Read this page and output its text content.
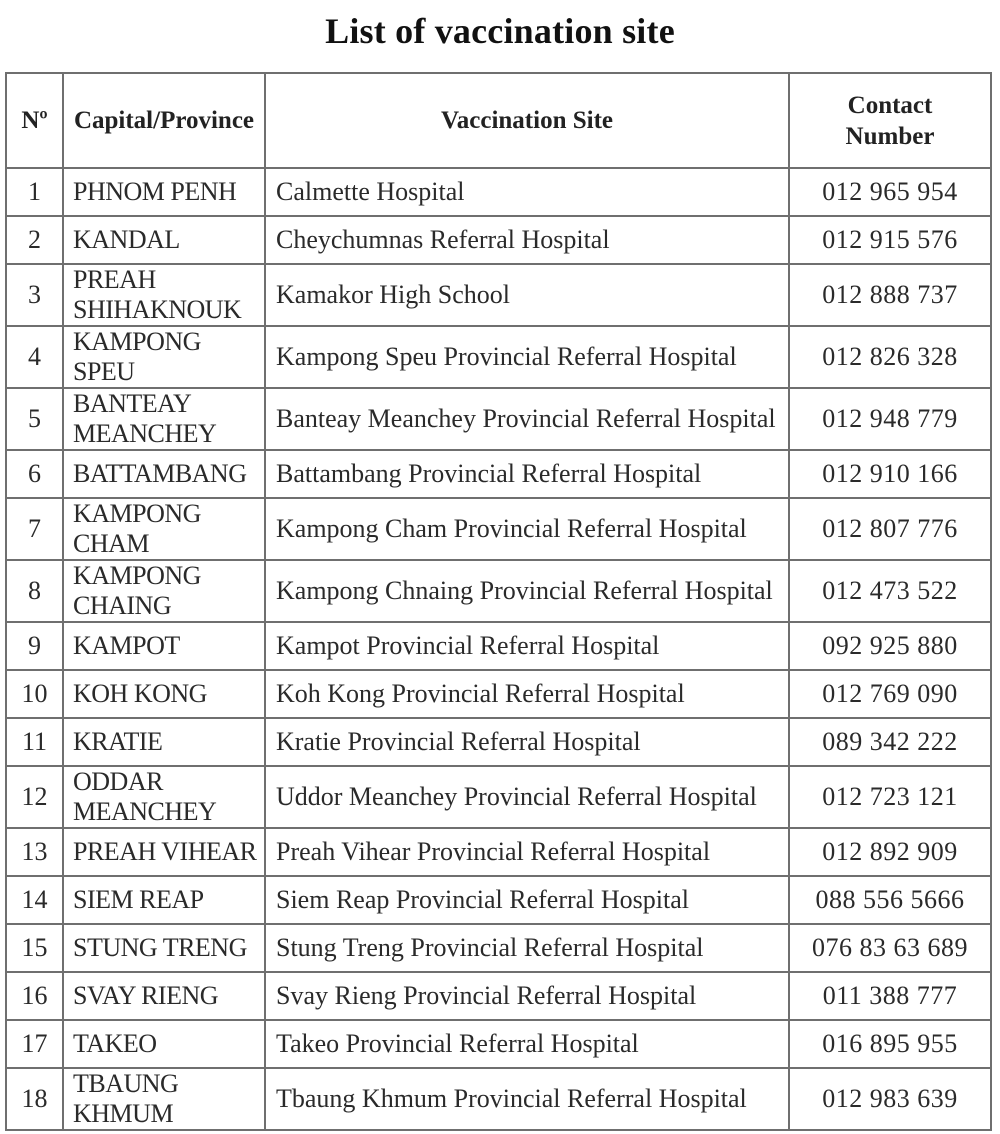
List of vaccination site
Nº	Capital/Province	Vaccination Site	Contact Number
1	PHNOM PENH	Calmette Hospital	012 965 954
2	KANDAL	Cheychumnas Referral Hospital	012 915 576
3	PREAH SHIHAKNOUK	Kamakor High School	012 888 737
4	KAMPONG SPEU	Kampong Speu Provincial Referral Hospital	012 826 328
5	BANTEAY MEANCHEY	Banteay Meanchey Provincial Referral Hospital	012 948 779
6	BATTAMBANG	Battambang Provincial Referral Hospital	012 910 166
7	KAMPONG CHAM	Kampong Cham Provincial Referral Hospital	012 807 776
8	KAMPONG CHAING	Kampong Chnaing Provincial Referral Hospital	012 473 522
9	KAMPOT	Kampot Provincial Referral Hospital	092 925 880
10	KOH KONG	Koh Kong Provincial Referral Hospital	012 769 090
11	KRATIE	Kratie Provincial Referral Hospital	089 342 222
12	ODDAR MEANCHEY	Uddor Meanchey Provincial Referral Hospital	012 723 121
13	PREAH VIHEAR	Preah Vihear Provincial Referral Hospital	012 892 909
14	SIEM REAP	Siem Reap Provincial Referral Hospital	088 556 5666
15	STUNG TRENG	Stung Treng Provincial Referral Hospital	076 83 63 689
16	SVAY RIENG	Svay Rieng Provincial Referral Hospital	011 388 777
17	TAKEO	Takeo Provincial Referral Hospital	016 895 955
18	TBAUNG KHMUM	Tbaung Khmum Provincial Referral Hospital	012 983 639
